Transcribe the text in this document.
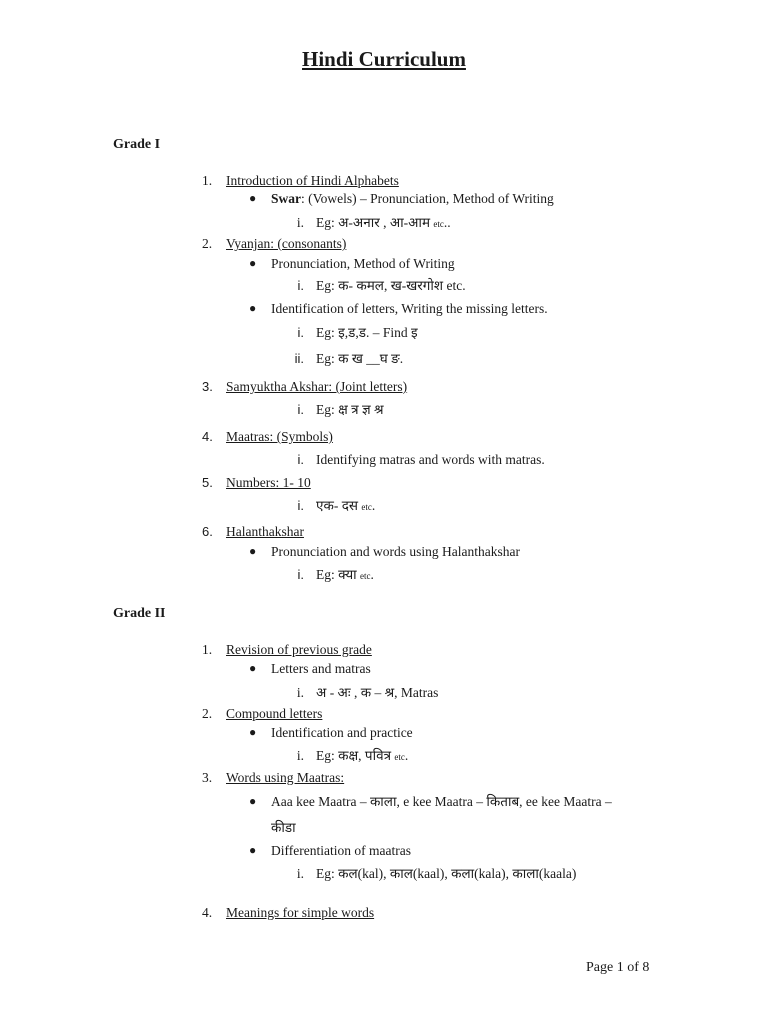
Hindi Curriculum
Grade I
1. Introduction of Hindi Alphabets
● Swar: (Vowels) – Pronunciation, Method of Writing
i. Eg: अ-अनार , आ-आम etc..
2. Vyanjan: (consonants)
● Pronunciation, Method of Writing
i. Eg: क- कमल, ख-खरगोश etc.
● Identification of letters, Writing the missing letters.
i. Eg: इ,ड,ड. – Find इ
ii. Eg: क ख __घ ङ.
3. Samyuktha Akshar: (Joint letters)
i. Eg: क्ष त्र ज्ञ श्र
4. Maatras: (Symbols)
i. Identifying matras and words with matras.
5. Numbers: 1- 10
i. एक- दस etc.
6. Halanthakshar
● Pronunciation and words using Halanthakshar
i. Eg: क्या etc.
Grade II
1. Revision of previous grade
● Letters and matras
i. अ - अः , क – श्र, Matras
2. Compound letters
● Identification and practice
i. Eg: कक्ष, पवित्र etc.
3. Words using Maatras:
● Aaa kee Maatra – काला, e kee Maatra – किताब, ee kee Maatra –
कीडा
● Differentiation of maatras
i. Eg: कल(kal), काल(kaal), कला(kala), काला(kaala)
4. Meanings for simple words
Page 1 of 8
